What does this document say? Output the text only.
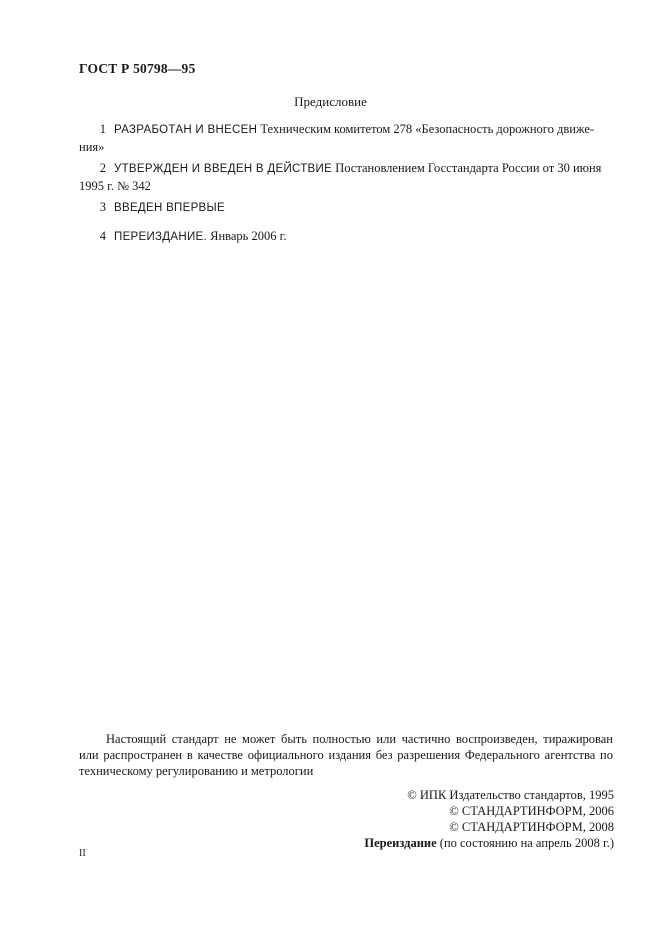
ГОСТ Р 50798—95
Предисловие
1 РАЗРАБОТАН И ВНЕСЕН Техническим комитетом 278 «Безопасность дорожного движе-
ния»
2 УТВЕРЖДЕН И ВВЕДЕН В ДЕЙСТВИЕ Постановлением Госстандарта России от 30 июня
1995 г. № 342
3 ВВЕДЕН ВПЕРВЫЕ
4 ПЕРЕИЗДАНИЕ. Январь 2006 г.
Настоящий стандарт не может быть полностью или частично воспроизведен, тиражирован или распространен в качестве официального издания без разрешения Федерального агентства по техническому регулированию и метрологии
© ИПК Издательство стандартов, 1995
© СТАНДАРТИНФОРМ, 2006
© СТАНДАРТИНФОРМ, 2008
Переиздание (по состоянию на апрель 2008 г.)
II
